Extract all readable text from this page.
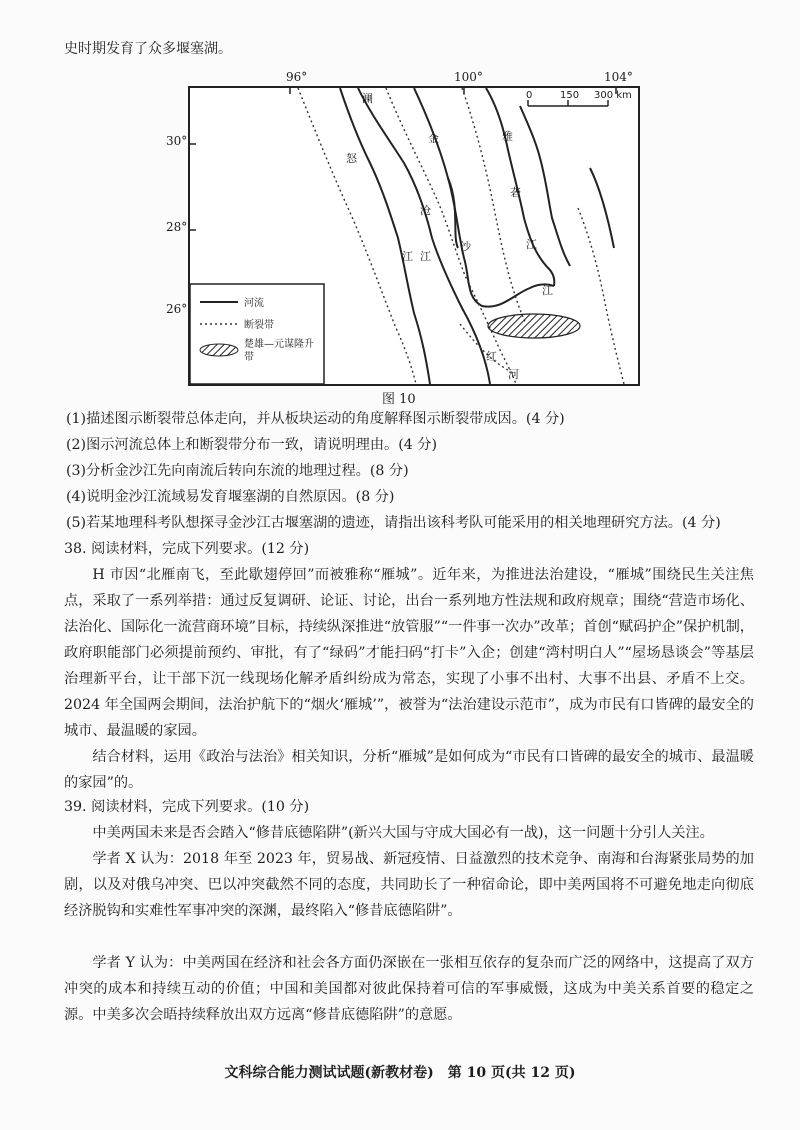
史时期发育了众多堰塞湖。
96°	100°	104°
30°
28°
26°
0	150 300 km
澜
沧
江
怒
江
金
沙
江
雅
砻
江
红
河
河流
断裂带
楚雄—元谋隆升带
图 10
(1)描述图示断裂带总体走向，并从板块运动的角度解释图示断裂带成因。(4 分)
(2)图示河流总体上和断裂带分布一致，请说明理由。(4 分)
(3)分析金沙江先向南流后转向东流的地理过程。(8 分)
(4)说明金沙江流域易发育堰塞湖的自然原因。(8 分)
(5)若某地理科考队想探寻金沙江古堰塞湖的遗迹，请指出该科考队可能采用的相关地理研究方法。(4 分)
38. 阅读材料，完成下列要求。(12 分)
H 市因“北雁南飞，至此歇翅停回”而被雅称“雁城”。近年来，为推进法治建设，“雁城”围绕民生关注焦点，采取了一系列举措：通过反复调研、论证、讨论，出台一系列地方性法规和政府规章；围绕“营造市场化、法治化、国际化一流营商环境”目标，持续纵深推进“放管服”“一件事一次办”改革；首创“赋码护企”保护机制，政府职能部门必须提前预约、审批，有了“绿码”才能扫码“打卡”入企；创建“湾村明白人”“屋场恳谈会”等基层治理新平台，让干部下沉一线现场化解矛盾纠纷成为常态，实现了小事不出村、大事不出县、矛盾不上交。2024 年全国两会期间，法治护航下的“烟火‘雁城’”，被誉为“法治建设示范市”，成为市民有口皆碑的最安全的城市、最温暖的家园。
结合材料，运用《政治与法治》相关知识，分析“雁城”是如何成为“市民有口皆碑的最安全的城市、最温暖的家园”的。
39. 阅读材料，完成下列要求。(10 分)
中美两国未来是否会踏入“修昔底德陷阱”(新兴大国与守成大国必有一战)，这一问题十分引人关注。
学者 X 认为：2018 年至 2023 年，贸易战、新冠疫情、日益激烈的技术竞争、南海和台海紧张局势的加剧，以及对俄乌冲突、巴以冲突截然不同的态度，共同助长了一种宿命论，即中美两国将不可避免地走向彻底经济脱钩和实难性军事冲突的深渊，最终陷入“修昔底德陷阱”。
学者 Y 认为：中美两国在经济和社会各方面仍深嵌在一张相互依存的复杂而广泛的网络中，这提高了双方冲突的成本和持续互动的价值；中国和美国都对彼此保持着可信的军事威慑，这成为中美关系首要的稳定之源。中美多次会晤持续释放出双方远离“修昔底德陷阱”的意愿。
文科综合能力测试试题(新教材卷)　第 10 页(共 12 页)
